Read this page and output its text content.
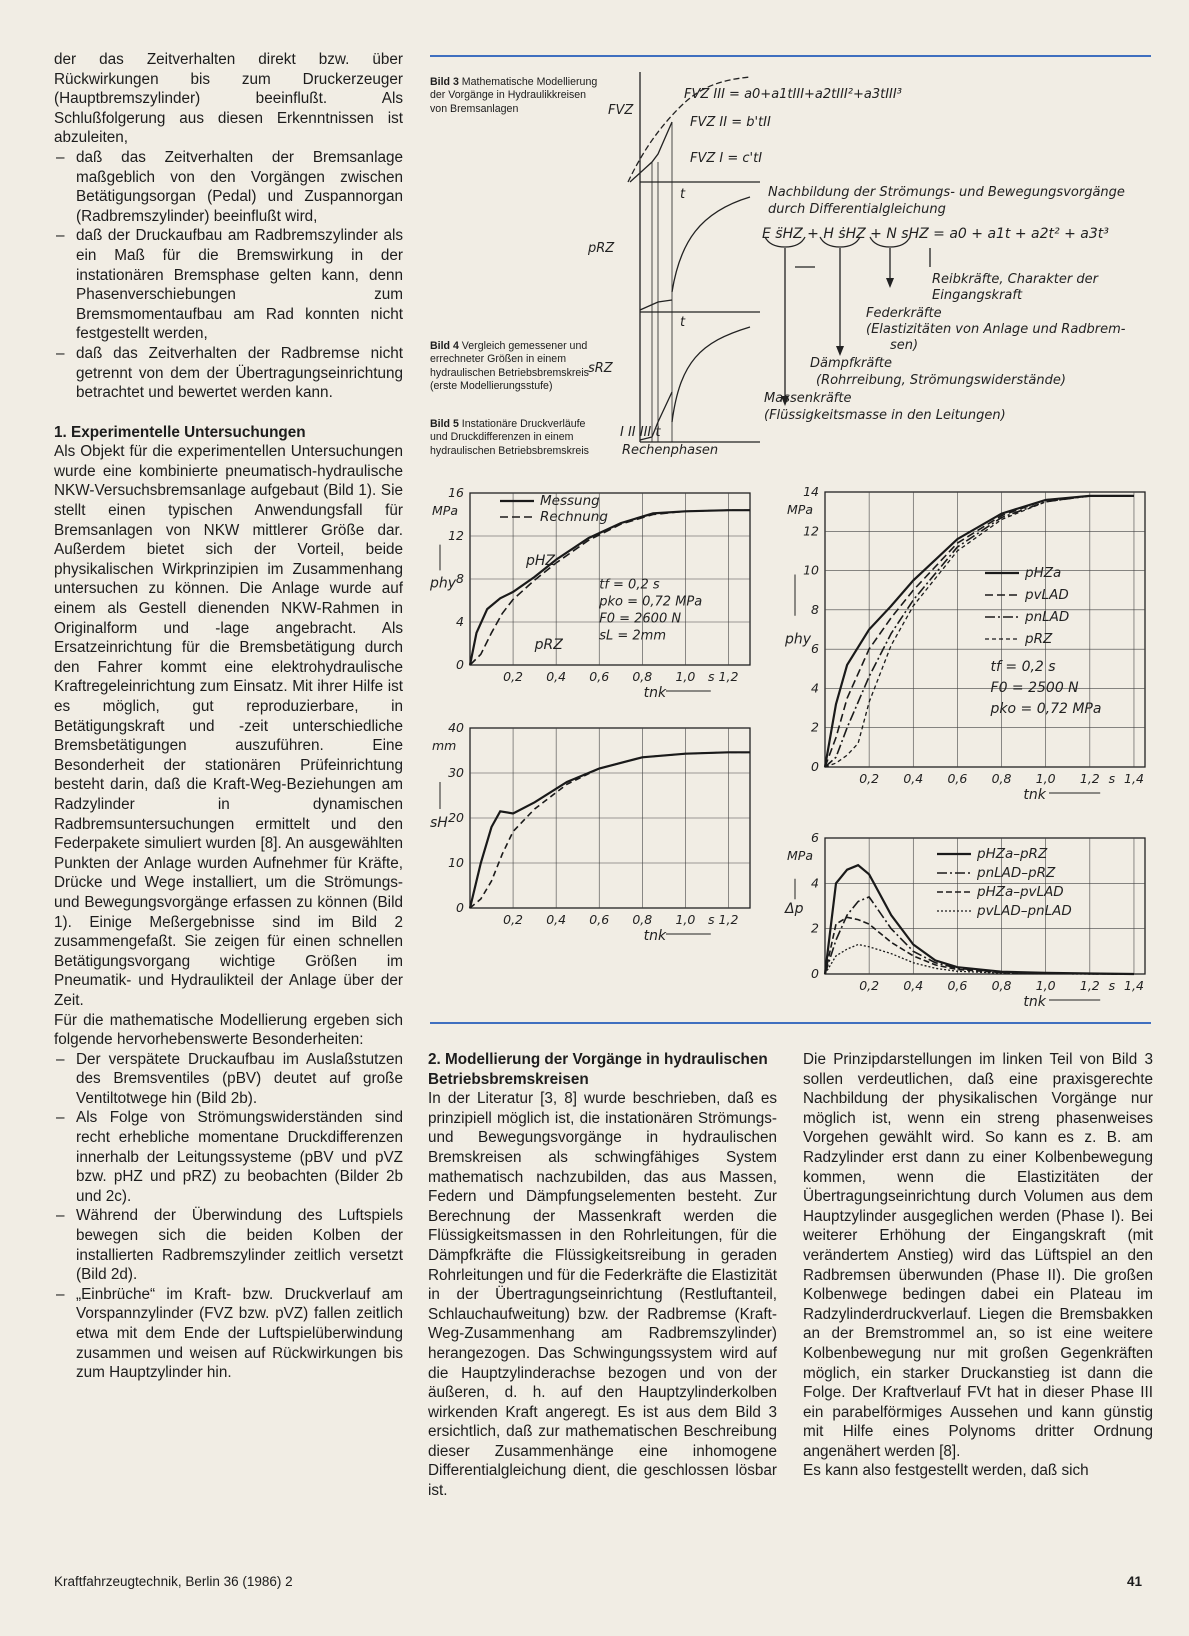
der das Zeitverhalten direkt bzw. über Rückwirkungen bis zum Druckerzeuger (Hauptbremszylinder) beeinflußt. Als Schlußfolgerung aus diesen Erkenntnissen ist abzuleiten,

– daß das Zeitverhalten der Bremsanlage maßgeblich von den Vorgängen zwischen Betätigungsorgan (Pedal) und Zuspannorgan (Radbremszylinder) beeinflußt wird,
– daß der Druckaufbau am Radbremszylinder als ein Maß für die Bremswirkung in der instationären Bremsphase gelten kann, denn Phasenverschiebungen zum Bremsmomentaufbau am Rad konnten nicht festgestellt werden,
– daß das Zeitverhalten der Radbremse nicht getrennt von dem der Übertragungseinrichtung betrachtet und bewertet werden kann.
1. Experimentelle Untersuchungen

Als Objekt für die experimentellen Untersuchungen wurde eine kombinierte pneumatisch-hydraulische NKW-Versuchsbremsanlage aufgebaut (Bild 1). Sie stellt einen typischen Anwendungsfall für Bremsanlagen von NKW mittlerer Größe dar. Außerdem bietet sich der Vorteil, beide physikalischen Wirkprinzipien im Zusammenhang untersuchen zu können. Die Anlage wurde auf einem als Gestell dienenden NKW-Rahmen in Originalform und -lage angebracht. Als Ersatzeinrichtung für die Bremsbetätigung durch den Fahrer kommt eine elektrohydraulische Kraftregeleinrichtung zum Einsatz. Mit ihrer Hilfe ist es möglich, gut reproduzierbare, in Betätigungskraft und -zeit unterschiedliche Bremsbetätigungen auszuführen. Eine Besonderheit der stationären Prüfeinrichtung besteht darin, daß die Kraft-Weg-Beziehungen am Radzylinder in dynamischen Radbremsuntersuchungen ermittelt und den Federpakete simuliert wurden [8]. An ausgewählten Punkten der Anlage wurden Aufnehmer für Kräfte, Drücke und Wege installiert, um die Strömungs- und Bewegungsvorgänge erfassen zu können (Bild 1). Einige Meßergebnisse sind im Bild 2 zusammengefaßt. Sie zeigen für einen schnellen Betätigungsvorgang wichtige Größen im Pneumatik- und Hydraulikteil der Anlage über der Zeit.

Für die mathematische Modellierung ergeben sich folgende hervorhebenswerte Besonderheiten:

– Der verspätete Druckaufbau im Auslaßstutzen des Bremsventiles (pBV) deutet auf große Ventiltotwege hin (Bild 2b).
– Als Folge von Strömungswiderständen sind recht erhebliche momentane Druckdifferenzen innerhalb der Leitungssysteme (pBV und pVZ bzw. pHZ und pRZ) zu beobachten (Bilder 2b und 2c).
– Während der Überwindung des Luftspiels bewegen sich die beiden Kolben der installierten Radbremszylinder zeitlich versetzt (Bild 2d).
– „Einbrüche“ im Kraft- bzw. Druckverlauf am Vorspannzylinder (FVZ bzw. pVZ) fallen zeitlich etwa mit dem Ende der Luftspielüberwindung zusammen und weisen auf Rückwirkungen bis zum Hauptzylinder hin.
Bild 3 Mathematische Modellierung der Vorgänge in Hydraulikkreisen von Bremsanlagen
Bild 4 Vergleich gemessener und errechneter Größen in einem hydraulischen Betriebsbremskreis (erste Modellierungsstufe)
Bild 5 Instationäre Druckverläufe und Druckdifferenzen in einem hydraulischen Betriebsbremskreis
FVZ
pRZ
sRZ
FVZ III = a0+a1tIII+a2tIII²+a3tIII³
FVZ II = b'tII
FVZ I = c'tI
t
t
I II III t
Rechenphasen
Nachbildung der Strömungs- und Bewegungsvorgänge
durch Differentialgleichung
E s̈HZ + H ṡHZ + N sHZ = a0 + a1t + a2t² + a3t³
Reibkräfte, Charakter der
Eingangskraft
Federkräfte
(Elastizitäten von Anlage und Radbrem-
sen)
Dämpfkräfte
(Rohrreibung, Strömungswiderstände)
Massenkräfte
(Flüssigkeitsmasse in den Leitungen)
0
4
8
12
16
0,2 0,4 0,6 0,8 1,0 s 1,2
phy
MPa
tnk
Messung
Rechnung
pHZ
pRZ
tf = 0,2 s
pko = 0,72 MPa
F0 = 2600 N
sL = 2mm
0
10
20
30
40
0,2 0,4 0,6 0,8 1,0 s 1,2
sH
mm
tnk
0
2
4
6
8
10
12
14
0,2 0,4 0,6 0,8 1,0 1,2 s 1,4
phy
MPa
tnk
pHZa
pvLAD
pnLAD
pRZ
tf = 0,2 s
F0 = 2500 N
pko = 0,72 MPa
0
2
4
6
0,2 0,4 0,6 0,8 1,0 1,2 s 1,4
Δp
MPa
tnk
pHZa–pRZ
pnLAD–pRZ
pHZa–pvLAD
pvLAD–pnLAD
2. Modellierung der Vorgänge in hydraulischen Betriebsbremskreisen

In der Literatur [3, 8] wurde beschrieben, daß es prinzipiell möglich ist, die instationären Strömungs- und Bewegungsvorgänge in hydraulischen Bremskreisen als schwingfähiges System mathematisch nachzubilden, das aus Massen, Federn und Dämpfungselementen besteht. Zur Berechnung der Massenkraft werden die Flüssigkeitsmassen in den Rohrleitungen, für die Dämpfkräfte die Flüssigkeitsreibung in geraden Rohrleitungen und für die Federkräfte die Elastizität in der Übertragungseinrichtung (Restluftanteil, Schlauchaufweitung) bzw. der Radbremse (Kraft-Weg-Zusammenhang am Radbremszylinder) herangezogen. Das Schwingungssystem wird auf die Hauptzylinderachse bezogen und von der äußeren, d. h. auf den Hauptzylinderkolben wirkenden Kraft angeregt. Es ist aus dem Bild 3 ersichtlich, daß zur mathematischen Beschreibung dieser Zusammenhänge eine inhomogene Differentialgleichung dient, die geschlossen lösbar ist.

Die Prinzipdarstellungen im linken Teil von Bild 3 sollen verdeutlichen, daß eine praxisgerechte Nachbildung der physikalischen Vorgänge nur möglich ist, wenn ein streng phasenweises Vorgehen gewählt wird. So kann es z. B. am Radzylinder erst dann zu einer Kolbenbewegung kommen, wenn die Elastizitäten der Übertragungseinrichtung durch Volumen aus dem Hauptzylinder ausgeglichen werden (Phase I). Bei weiterer Erhöhung der Eingangskraft (mit verändertem Anstieg) wird das Lüftspiel an den Radbremsen überwunden (Phase II). Die großen Kolbenwege bedingen dabei ein Plateau im Radzylinderdruckverlauf. Liegen die Bremsbakken an der Bremstrommel an, so ist eine weitere Kolbenbewegung nur mit großen Gegenkräften möglich, ein starker Druckanstieg ist dann die Folge. Der Kraftverlauf FVt hat in dieser Phase III ein parabelförmiges Aussehen und kann günstig mit Hilfe eines Polynoms dritter Ordnung angenähert werden [8].

Es kann also festgestellt werden, daß sich

Kraftfahrzeugtechnik, Berlin 36 (1986) 2	41
